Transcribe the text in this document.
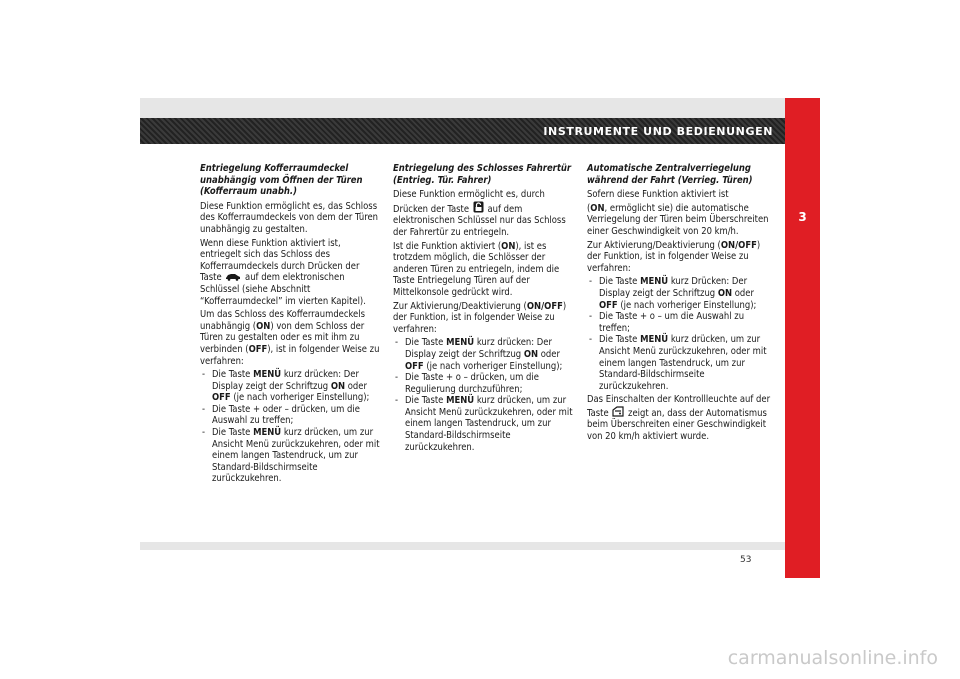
INSTRUMENTE UND BEDIENUNGEN
3

Entriegelung Kofferraumdeckel unabhängig vom Öffnen der Türen (Kofferraum unabh.)

Diese Funktion ermöglicht es, das Schloss des Kofferraumdeckels von dem der Türen unabhängig zu gestalten.

Wenn diese Funktion aktiviert ist, entriegelt sich das Schloss des Kofferraumdeckels durch Drücken der Taste auf dem elektronischen Schlüssel (siehe Abschnitt “Kofferraumdeckel” im vierten Kapitel).

Um das Schloss des Kofferraumdeckels unabhängig (ON) von dem Schloss der Türen zu gestalten oder es mit ihm zu verbinden (OFF), ist in folgender Weise zu verfahren:

- Die Taste MENÜ kurz drücken: Der Display zeigt der Schriftzug ON oder OFF (je nach vorheriger Einstellung);
- Die Taste + oder – drücken, um die Auswahl zu treffen;
- Die Taste MENÜ kurz drücken, um zur Ansicht Menü zurückzukehren, oder mit einem langen Tastendruck, um zur Standard-Bildschirmseite zurückzukehren.

Entriegelung des Schlosses Fahrertür (Entrieg. Tür. Fahrer)

Diese Funktion ermöglicht es, durch Drücken der Taste auf dem elektronischen Schlüssel nur das Schloss der Fahrertür zu entriegeln.

Ist die Funktion aktiviert (ON), ist es trotzdem möglich, die Schlösser der anderen Türen zu entriegeln, indem die Taste Entriegelung Türen auf der Mittelkonsole gedrückt wird.

Zur Aktivierung/Deaktivierung (ON/OFF) der Funktion, ist in folgender Weise zu verfahren:

- Die Taste MENÜ kurz drücken: Der Display zeigt der Schriftzug ON oder OFF (je nach vorheriger Einstellung);
- Die Taste + o – drücken, um die Regulierung durchzuführen;
- Die Taste MENÜ kurz drücken, um zur Ansicht Menü zurückzukehren, oder mit einem langen Tastendruck, um zur Standard-Bildschirmseite zurückzukehren.

Automatische Zentralverriegelung während der Fahrt (Verrieg. Türen)

Sofern diese Funktion aktiviert ist

(ON, ermöglicht sie) die automatische Verriegelung der Türen beim Überschreiten einer Geschwindigkeit von 20 km/h.

Zur Aktivierung/Deaktivierung (ON/OFF) der Funktion, ist in folgender Weise zu verfahren:

- Die Taste MENÜ kurz Drücken: Der Display zeigt der Schriftzug ON oder OFF (je nach vorheriger Einstellung);
- Die Taste + o – um die Auswahl zu treffen;
- Die Taste MENÜ kurz drücken, um zur Ansicht Menü zurückzukehren, oder mit einem langen Tastendruck, um zur Standard-Bildschirmseite zurückzukehren.

Das Einschalten der Kontrollleuchte auf der Taste zeigt an, dass der Automatismus beim Überschreiten einer Geschwindigkeit von 20 km/h aktiviert wurde.

53
carmanualsonline.info
